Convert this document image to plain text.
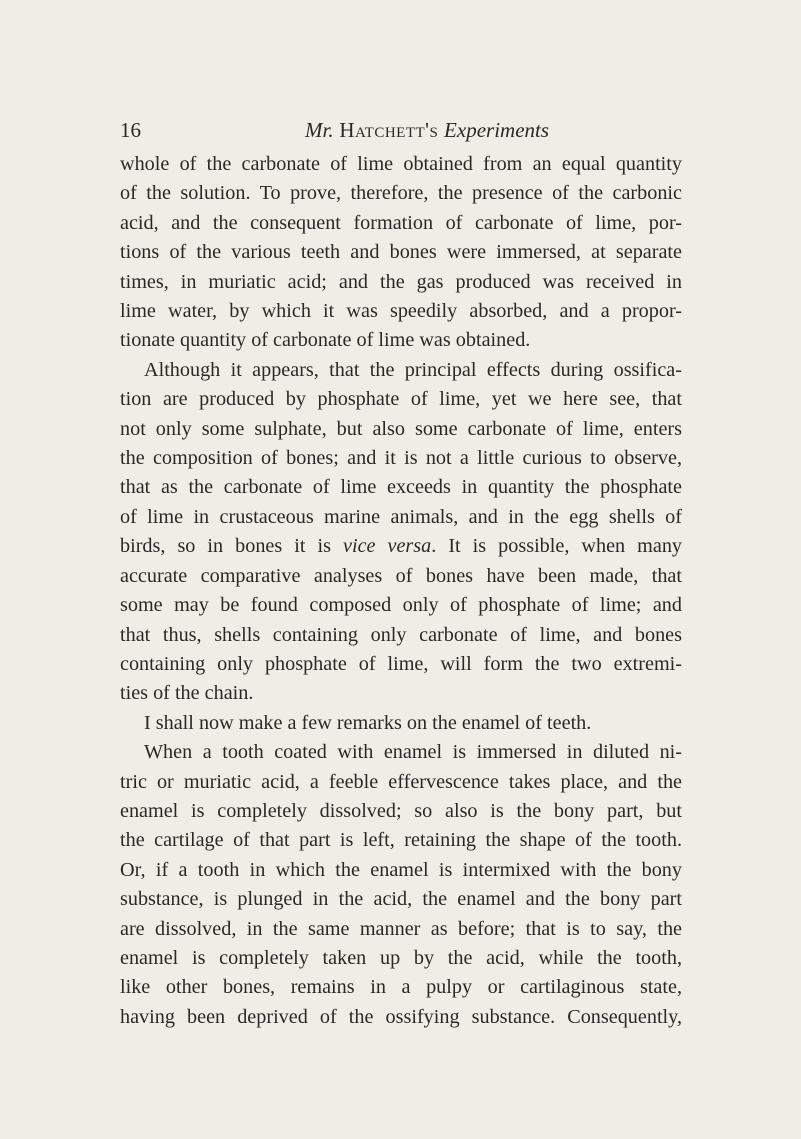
16	Mr. Hatchett's Experiments

whole of the carbonate of lime obtained from an equal quantity

of the solution. To prove, therefore, the presence of the carbonic

acid, and the consequent formation of carbonate of lime, por-

tions of the various teeth and bones were immersed, at separate

times, in muriatic acid; and the gas produced was received in

lime water, by which it was speedily absorbed, and a propor-

tionate quantity of carbonate of lime was obtained.

Although it appears, that the principal effects during ossifica-

tion are produced by phosphate of lime, yet we here see, that

not only some sulphate, but also some carbonate of lime, enters

the composition of bones; and it is not a little curious to observe,

that as the carbonate of lime exceeds in quantity the phosphate

of lime in crustaceous marine animals, and in the egg shells of

birds, so in bones it is vice versa. It is possible, when many

accurate comparative analyses of bones have been made, that

some may be found composed only of phosphate of lime; and

that thus, shells containing only carbonate of lime, and bones

containing only phosphate of lime, will form the two extremi-

ties of the chain.

I shall now make a few remarks on the enamel of teeth.

When a tooth coated with enamel is immersed in diluted ni-

tric or muriatic acid, a feeble effervescence takes place, and the

enamel is completely dissolved; so also is the bony part, but

the cartilage of that part is left, retaining the shape of the tooth.

Or, if a tooth in which the enamel is intermixed with the bony

substance, is plunged in the acid, the enamel and the bony part

are dissolved, in the same manner as before; that is to say, the

enamel is completely taken up by the acid, while the tooth,

like other bones, remains in a pulpy or cartilaginous state,

having been deprived of the ossifying substance. Consequently,
